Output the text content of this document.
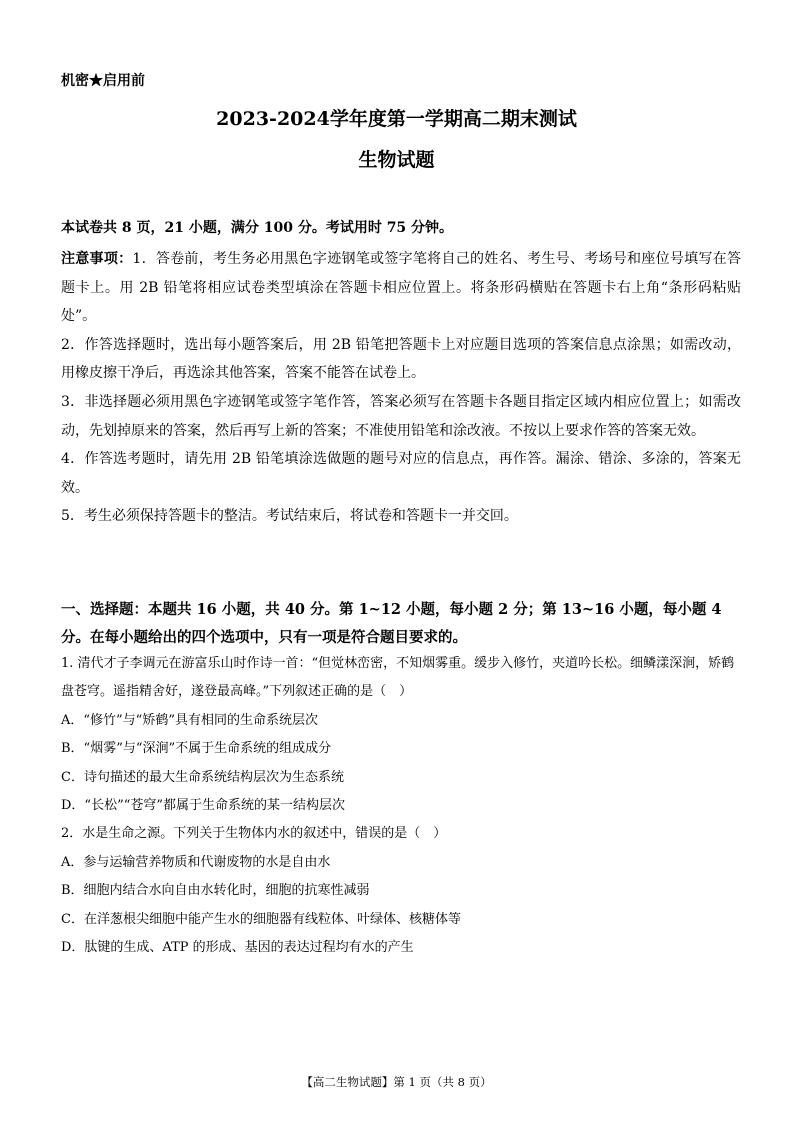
机密★启用前
2023-2024学年度第一学期高二期末测试
生物试题
本试卷共 8 页，21 小题，满分 100 分。考试用时 75 分钟。

注意事项：1．答卷前，考生务必用黑色字迹钢笔或签字笔将自己的姓名、考生号、考场号和座位号填写在答题卡上。用 2B 铅笔将相应试卷类型填涂在答题卡相应位置上。将条形码横贴在答题卡右上角“条形码粘贴处”。

2．作答选择题时，选出每小题答案后，用 2B 铅笔把答题卡上对应题目选项的答案信息点涂黑；如需改动，用橡皮擦干净后，再选涂其他答案，答案不能答在试卷上。

3．非选择题必须用黑色字迹钢笔或签字笔作答，答案必须写在答题卡各题目指定区域内相应位置上；如需改动，先划掉原来的答案，然后再写上新的答案；不准使用铅笔和涂改液。不按以上要求作答的答案无效。

4．作答选考题时，请先用 2B 铅笔填涂选做题的题号对应的信息点，再作答。漏涂、错涂、多涂的，答案无效。

5．考生必须保持答题卡的整洁。考试结束后，将试卷和答题卡一并交回。

一、选择题：本题共 16 小题，共 40 分。第 1~12 小题，每小题 2 分；第 13~16 小题，每小题 4 分。在每小题给出的四个选项中，只有一项是符合题目要求的。

1. 清代才子李调元在游富乐山时作诗一首：“但觉林峦密，不知烟雾重。缓步入修竹，夹道吟长松。细鳞漾深涧，矫鹤盘苍穹。遥指精舍好，遂登最高峰。”下列叙述正确的是（　）

A．“修竹”与“矫鹤”具有相同的生命系统层次

B．“烟雾”与“深涧”不属于生命系统的组成成分

C．诗句描述的最大生命系统结构层次为生态系统

D．“长松”“苍穹”都属于生命系统的某一结构层次

2．水是生命之源。下列关于生物体内水的叙述中，错误的是（　）

A．参与运输营养物质和代谢废物的水是自由水

B．细胞内结合水向自由水转化时，细胞的抗寒性减弱

C．在洋葱根尖细胞中能产生水的细胞器有线粒体、叶绿体、核糖体等

D．肽键的生成、ATP 的形成、基因的表达过程均有水的产生

【高二生物试题】第 1 页（共 8 页）
